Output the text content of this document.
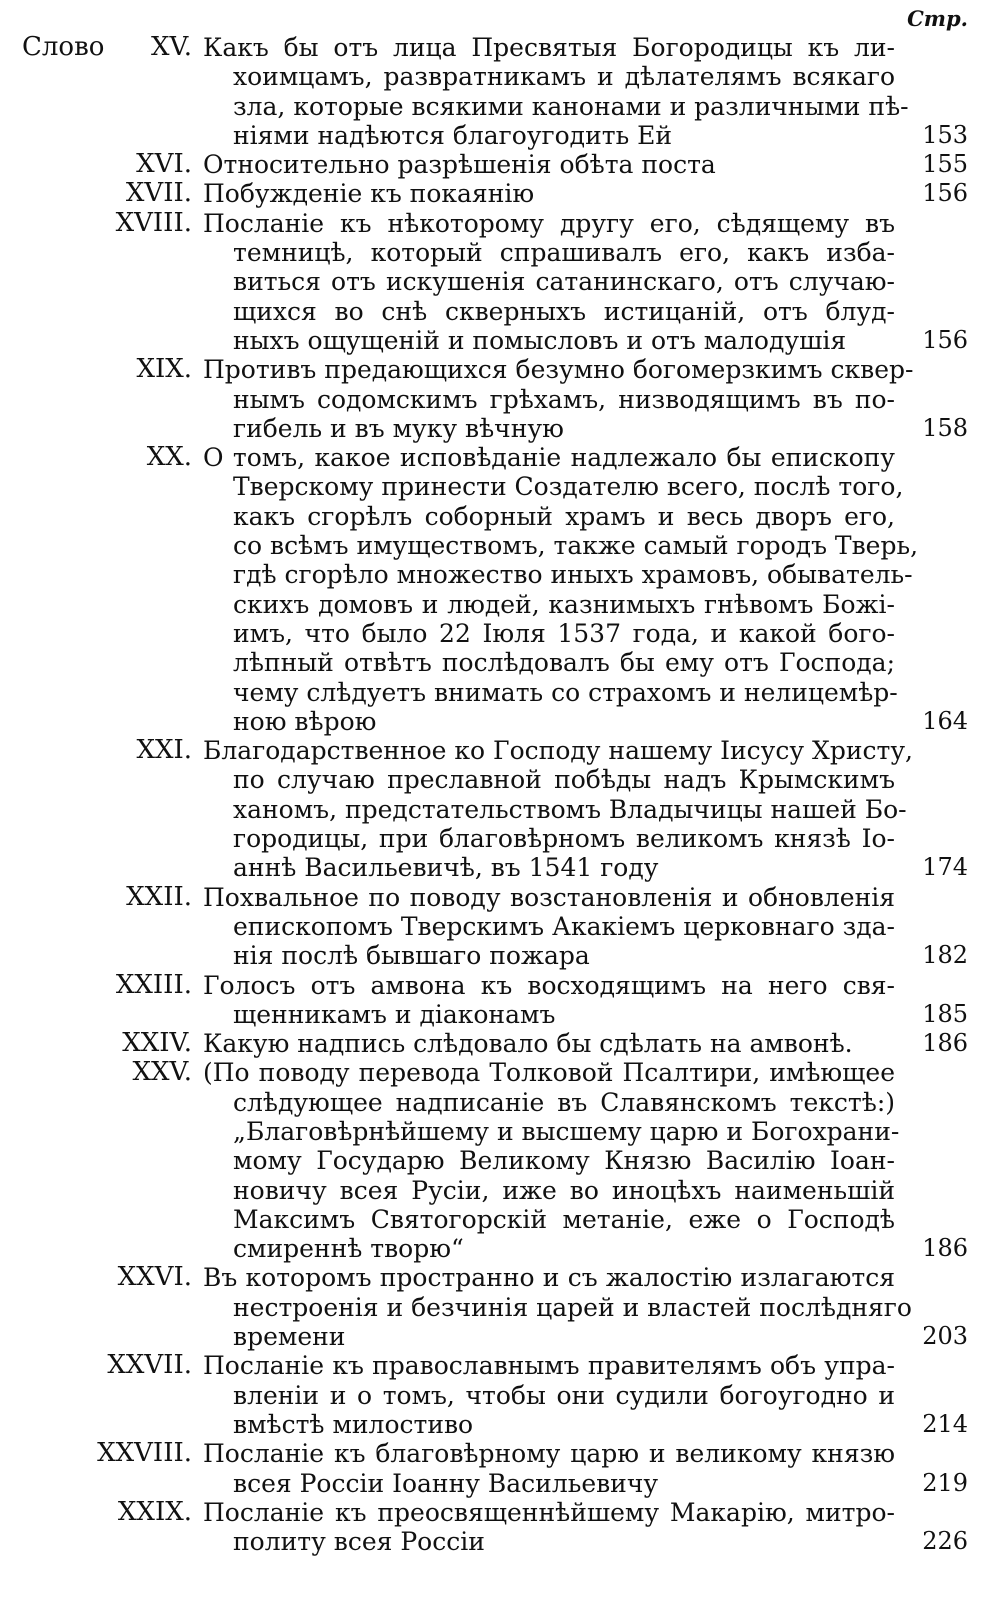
Стр.
Слово XV. Какъ бы отъ лица Пресвятыя Богородицы къ ли-
хоимцамъ, развратникамъ и дѣлателямъ всякаго
зла, которые всякими канонами и различными пѣ-
ніями надѣются благоугодить Ей	153
XVI. Относительно разрѣшенія обѣта поста	155
XVII. Побужденіе къ покаянію	156
XVIII. Посланіе къ нѣкоторому другу его, сѣдящему въ
темницѣ, который спрашивалъ его, какъ изба-
виться отъ искушенія сатанинскаго, отъ случаю-
щихся во снѣ скверныхъ истицаній, отъ блуд-
ныхъ ощущеній и помысловъ и отъ малодушія	156
XIX. Противъ предающихся безумно богомерзкимъ сквер-
нымъ содомскимъ грѣхамъ, низводящимъ въ по-
гибель и въ муку вѣчную	158
XX. О томъ, какое исповѣданіе надлежало бы епископу
Тверскому принести Создателю всего, послѣ того,
какъ сгорѣлъ соборный храмъ и весь дворъ его,
со всѣмъ имуществомъ, также самый городъ Тверь,
гдѣ сгорѣло множество иныхъ храмовъ, обыватель-
скихъ домовъ и людей, казнимыхъ гнѣвомъ Божі-
имъ, что было 22 Іюля 1537 года, и какой бого-
лѣпный отвѣтъ послѣдовалъ бы ему отъ Господа;
чему слѣдуетъ внимать со страхомъ и нелицемѣр-
ною вѣрою	164
XXI. Благодарственное ко Господу нашему Іисусу Христу,
по случаю преславной побѣды надъ Крымскимъ
ханомъ, предстательствомъ Владычицы нашей Бо-
городицы, при благовѣрномъ великомъ князѣ Іо-
аннѣ Васильевичѣ, въ 1541 году	174
XXII. Похвальное по поводу возстановленія и обновленія
епископомъ Тверскимъ Акакіемъ церковнаго зда-
нія послѣ бывшаго пожара	182
XXIII. Голосъ отъ амвона къ восходящимъ на него свя-
щенникамъ и діаконамъ	185
XXIV. Какую надпись слѣдовало бы сдѣлать на амвонѣ.	186
XXV. (По поводу перевода Толковой Псалтири, имѣющее
слѣдующее надписаніе въ Славянскомъ текстѣ:)
„Благовѣрнѣйшему и высшему царю и Богохрани-
мому Государю Великому Князю Василію Іоан-
новичу всея Русіи, иже во иноцѣхъ наименьшій
Максимъ Святогорскій метаніе, еже о Господѣ
смиреннѣ творю“	186
XXVI. Въ которомъ пространно и съ жалостію излагаются
нестроенія и безчинія царей и властей послѣдняго
времени	203
XXVII. Посланіе къ православнымъ правителямъ объ упра-
вленіи и о томъ, чтобы они судили богоугодно и
вмѣстѣ милостиво	214
XXVIII. Посланіе къ благовѣрному царю и великому князю
всея Россіи Іоанну Васильевичу	219
XXIX. Посланіе къ преосвященнѣйшему Макарію, митро-
политу всея Россіи	226
